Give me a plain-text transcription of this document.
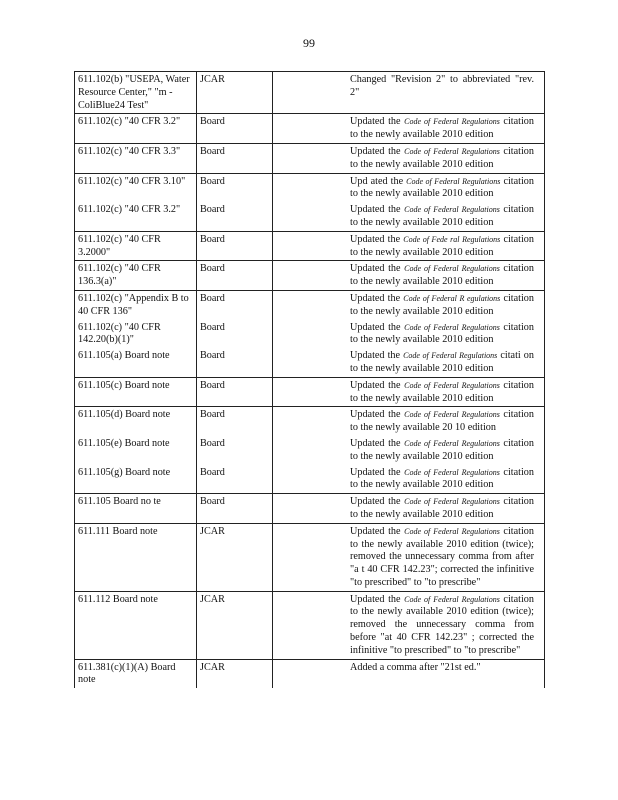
99
611.102(b) "USEPA, Water Resource Center," "m - ColiBlue24 Test"	JCAR	Changed "Revision 2" to abbreviated "rev. 2"
611.102(c) "40 CFR 3.2"	Board	Updated the Code of Federal Regulations citation to the newly available 2010 edition
611.102(c) "40 CFR 3.3"	Board	Updated the Code of Federal Regulations citation to the newly available 2010 edition
611.102(c) "40 CFR 3.10"	Board	Upd ated the Code of Federal Regulations citation to the newly available 2010 edition
611.102(c) "40 CFR 3.2"	Board	Updated the Code of Federal Regulations citation to the newly available 2010 edition
611.102(c) "40 CFR 3.2000"	Board	Updated the Code of Fede ral Regulations citation to the newly available 2010 edition
611.102(c) "40 CFR 136.3(a)"	Board	Updated the Code of Federal Regulations citation to the newly available 2010 edition
611.102(c) "Appendix B to 40 CFR 136"	Board	Updated the Code of Federal R egulations citation to the newly available 2010 edition
611.102(c) "40 CFR 142.20(b)(1)"	Board	Updated the Code of Federal Regulations citation to the newly available 2010 edition
611.105(a) Board note	Board	Updated the Code of Federal Regulations citati on to the newly available 2010 edition
611.105(c) Board note	Board	Updated the Code of Federal Regulations citation to the newly available 2010 edition
611.105(d) Board note	Board	Updated the Code of Federal Regulations citation to the newly available 20 10 edition
611.105(e) Board note	Board	Updated the Code of Federal Regulations citation to the newly available 2010 edition
611.105(g) Board note	Board	Updated the Code of Federal Regulations citation to the newly available 2010 edition
611.105 Board no te	Board	Updated the Code of Federal Regulations citation to the newly available 2010 edition
611.111 Board note	JCAR	Updated the Code of Federal Regulations citation to the newly available 2010 edition (twice); removed the unnecessary comma from after "a t 40 CFR 142.23"; corrected the infinitive "to prescribed" to "to prescribe"
611.112 Board note	JCAR	Updated the Code of Federal Regulations citation to the newly available 2010 edition (twice); removed the unnecessary comma from before "at 40 CFR 142.23" ; corrected the infinitive "to prescribed" to "to prescribe"
611.381(c)(1)(A) Board note	JCAR	Added a comma after "21st ed."
